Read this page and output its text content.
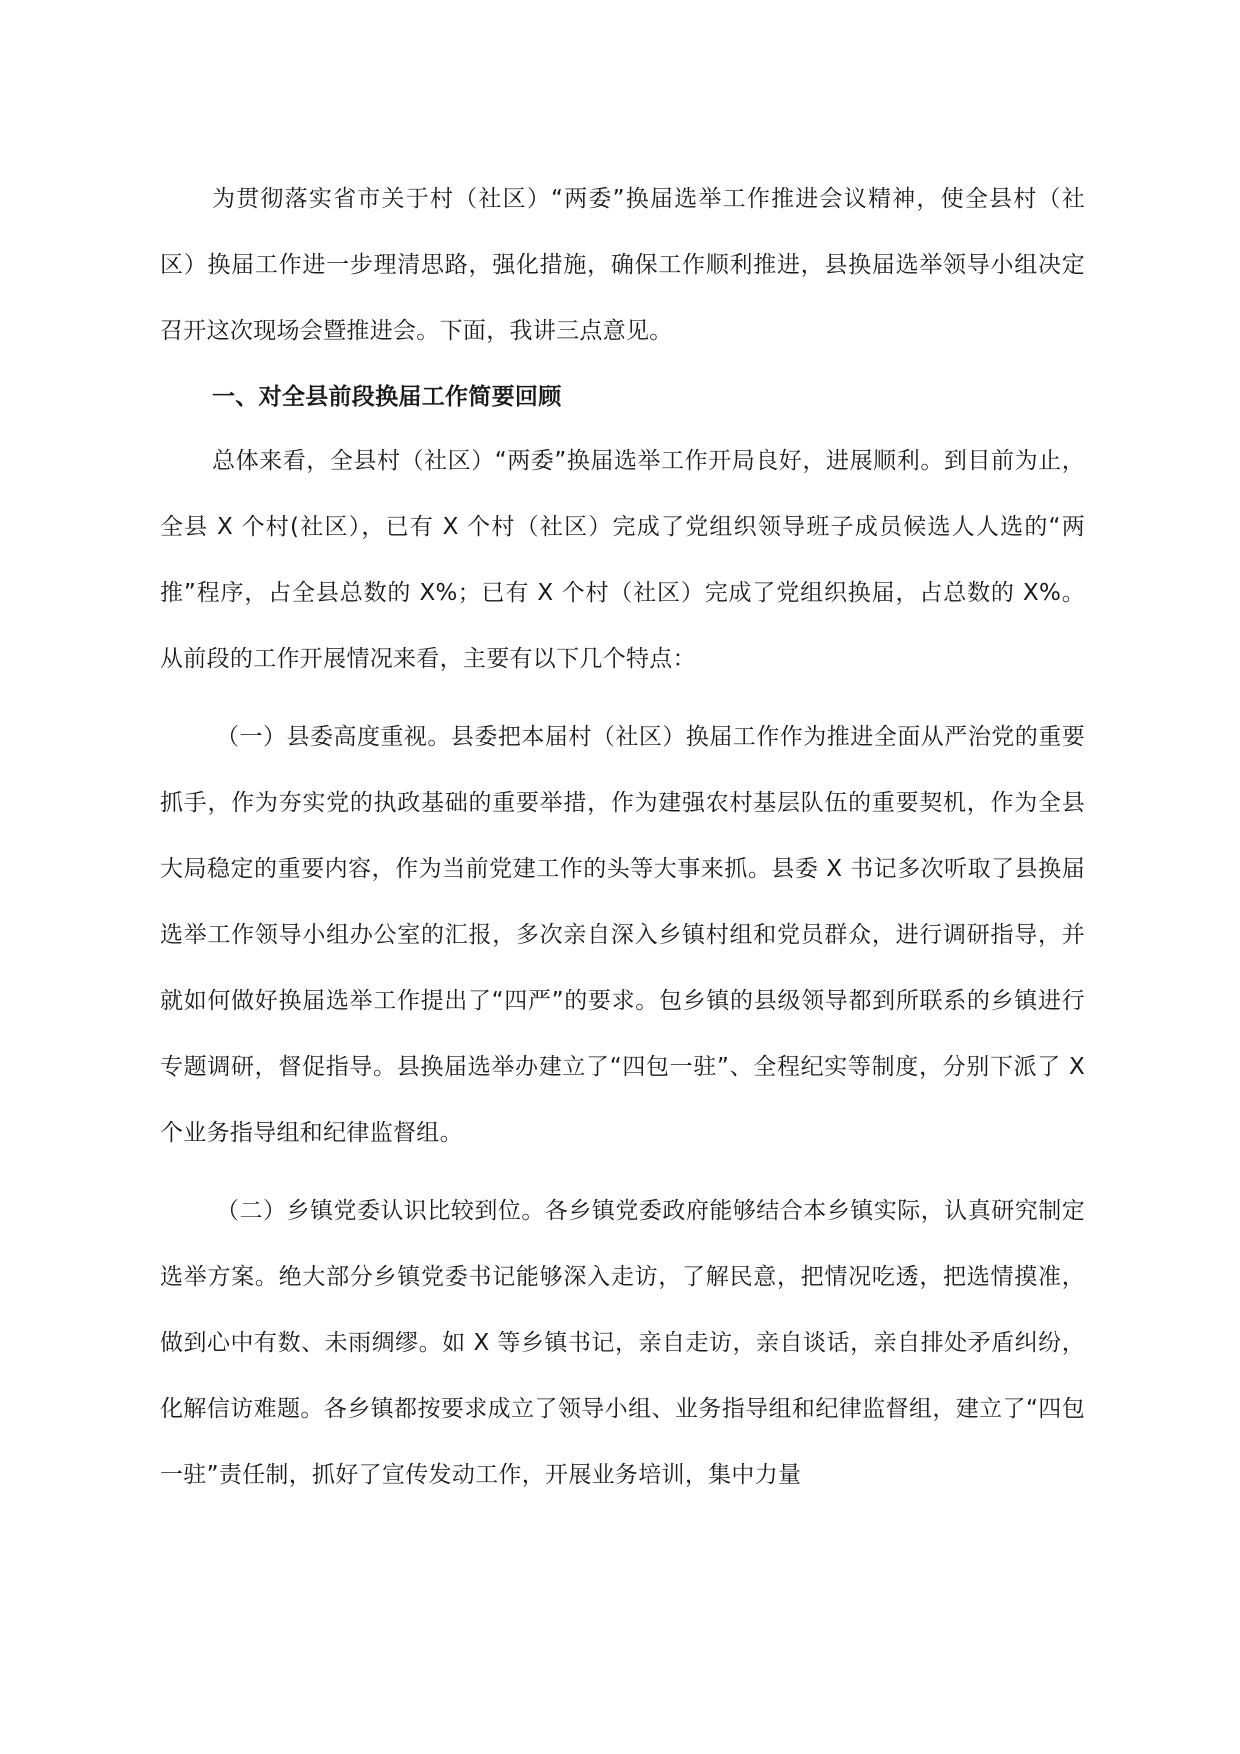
为贯彻落实省市关于村（社区）“两委”换届选举工作推进会议精神，使全县村（社区）换届工作进一步理清思路，强化措施，确保工作顺利推进，县换届选举领导小组决定召开这次现场会暨推进会。下面，我讲三点意见。

一、对全县前段换届工作简要回顾

总体来看，全县村（社区）“两委”换届选举工作开局良好，进展顺利。到目前为止，全县 X 个村(社区），已有 X 个村（社区）完成了党组织领导班子成员候选人人选的“两推”程序，占全县总数的 X%；已有 X 个村（社区）完成了党组织换届，占总数的 X%。从前段的工作开展情况来看，主要有以下几个特点：

（一）县委高度重视。县委把本届村（社区）换届工作作为推进全面从严治党的重要抓手，作为夯实党的执政基础的重要举措，作为建强农村基层队伍的重要契机，作为全县大局稳定的重要内容，作为当前党建工作的头等大事来抓。县委 X 书记多次听取了县换届选举工作领导小组办公室的汇报，多次亲自深入乡镇村组和党员群众，进行调研指导，并就如何做好换届选举工作提出了“四严”的要求。包乡镇的县级领导都到所联系的乡镇进行专题调研，督促指导。县换届选举办建立了“四包一驻”、全程纪实等制度，分别下派了 X 个业务指导组和纪律监督组。

（二）乡镇党委认识比较到位。各乡镇党委政府能够结合本乡镇实际，认真研究制定选举方案。绝大部分乡镇党委书记能够深入走访，了解民意，把情况吃透，把选情摸准，做到心中有数、未雨绸缪。如 X 等乡镇书记，亲自走访，亲自谈话，亲自排处矛盾纠纷，化解信访难题。各乡镇都按要求成立了领导小组、业务指导组和纪律监督组，建立了“四包一驻”责任制，抓好了宣传发动工作，开展业务培训，集中力量
